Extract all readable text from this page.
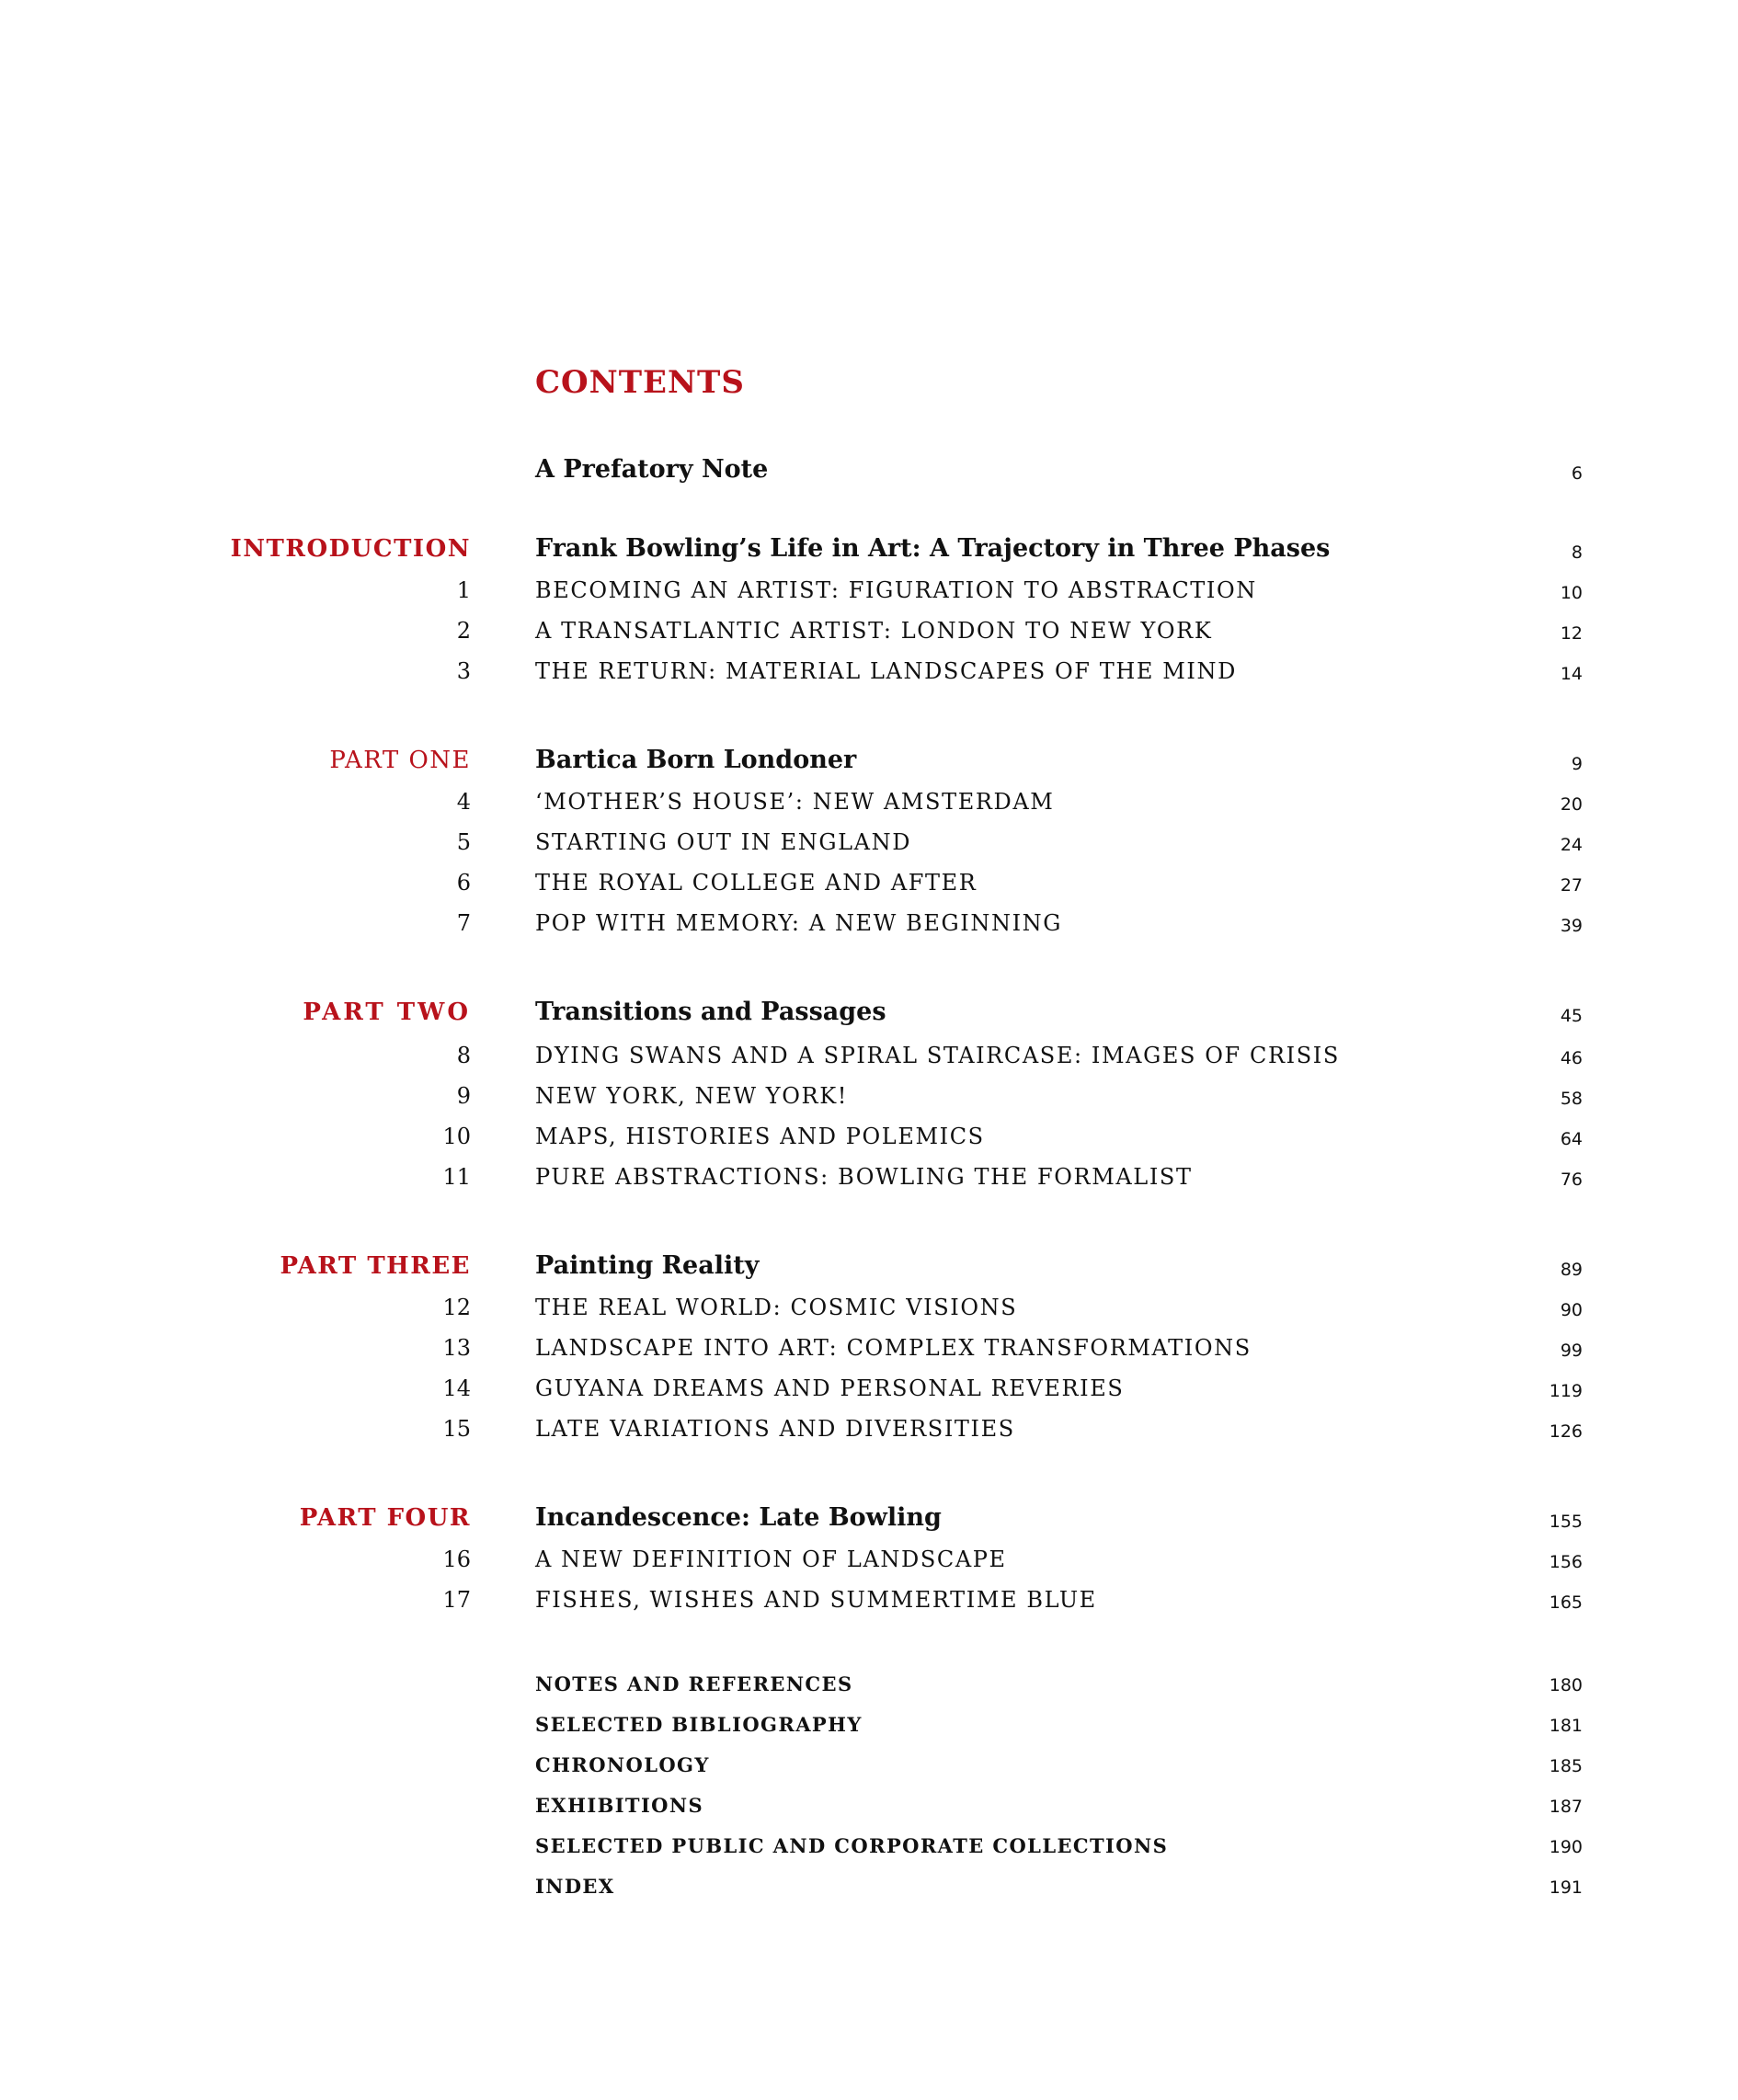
CONTENTS
A Prefatory Note	6
INTRODUCTION	Frank Bowling’s Life in Art: A Trajectory in Three Phases	8
1	BECOMING AN ARTIST: FIGURATION TO ABSTRACTION	10
2	A TRANSATLANTIC ARTIST: LONDON TO NEW YORK	12
3	THE RETURN: MATERIAL LANDSCAPES OF THE MIND	14
PART ONE	Bartica Born Londoner	9
4	‘MOTHER’S HOUSE’: NEW AMSTERDAM	20
5	STARTING OUT IN ENGLAND	24
6	THE ROYAL COLLEGE AND AFTER	27
7	POP WITH MEMORY: A NEW BEGINNING	39
PART TWO	Transitions and Passages	45
8	DYING SWANS AND A SPIRAL STAIRCASE: IMAGES OF CRISIS	46
9	NEW YORK, NEW YORK!	58
10	MAPS, HISTORIES AND POLEMICS	64
11	PURE ABSTRACTIONS: BOWLING THE FORMALIST	76
PART THREE	Painting Reality	89
12	THE REAL WORLD: COSMIC VISIONS	90
13	LANDSCAPE INTO ART: COMPLEX TRANSFORMATIONS	99
14	GUYANA DREAMS AND PERSONAL REVERIES	119
15	LATE VARIATIONS AND DIVERSITIES	126
PART FOUR	Incandescence: Late Bowling	155
16	A NEW DEFINITION OF LANDSCAPE	156
17	FISHES, WISHES AND SUMMERTIME BLUE	165
NOTES AND REFERENCES	180
SELECTED BIBLIOGRAPHY	181
CHRONOLOGY	185
EXHIBITIONS	187
SELECTED PUBLIC AND CORPORATE COLLECTIONS	190
INDEX	191
